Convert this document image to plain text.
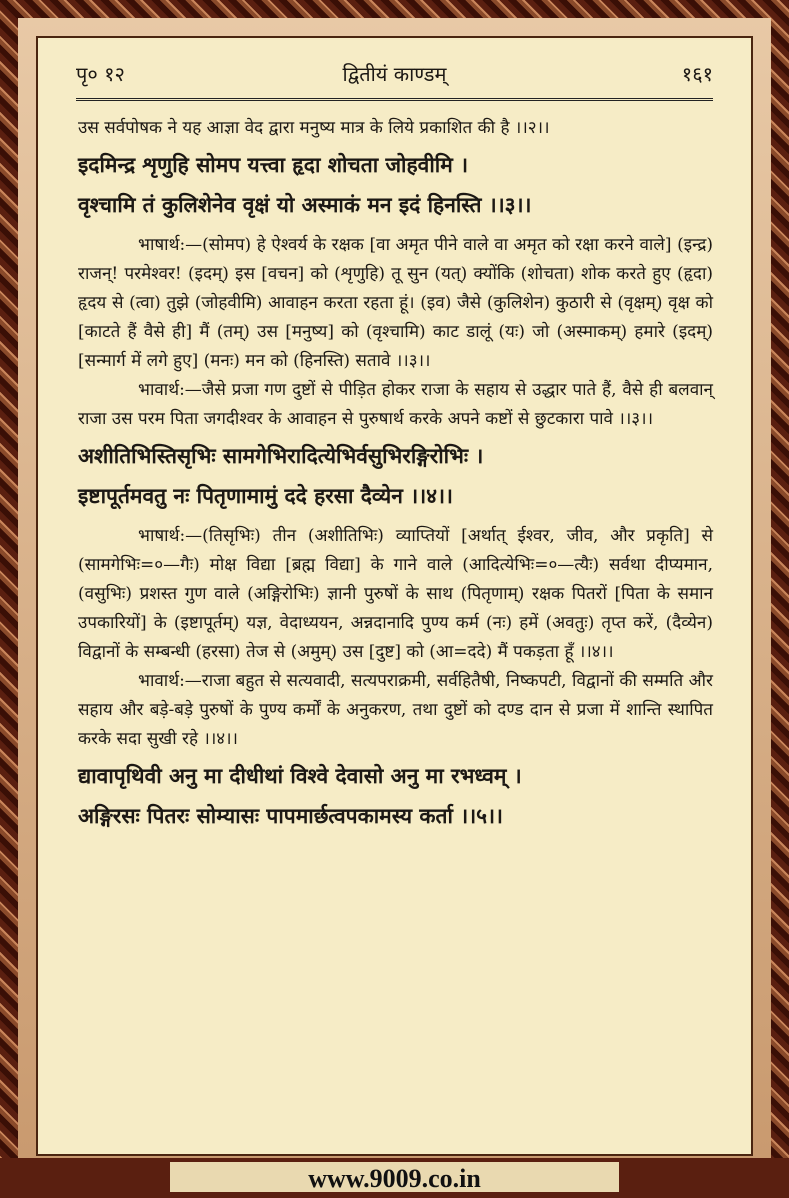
www.9009.co.in
पृ० १२	द्वितीयं काण्डम्	१६१

उस सर्वपोषक ने यह आज्ञा वेद द्वारा मनुष्य मात्र के लिये प्रकाशित की है ।।२।।

इदमिन्द्र शृणुहि सोमप यत्त्वा हृदा शोचता जोहवीमि ।

वृश्चामि तं कुलिशेनेव वृक्षं यो अस्माकं मन इदं हिनस्ति ।।३।।

भाषार्थ:—(सोमप) हे ऐश्वर्य के रक्षक [वा अमृत पीने वाले वा अमृत को रक्षा करने वाले] (इन्द्र) राजन्! परमेश्वर! (इदम्) इस [वचन] को (शृणुहि) तू सुन (यत्) क्योंकि (शोचता) शोक करते हुए (हृदा) हृदय से (त्वा) तुझे (जोहवीमि) आवाहन करता रहता हूं। (इव) जैसे (कुलिशेन) कुठारी से (वृक्षम्) वृक्ष को [काटते हैं वैसे ही] मैं (तम्) उस [मनुष्य] को (वृश्चामि) काट डालूं (यः) जो (अस्माकम्) हमारे (इदम्) [सन्मार्ग में लगे हुए] (मनः) मन को (हिनस्ति) सतावे ।।३।।

भावार्थ:—जैसे प्रजा गण दुष्टों से पीड़ित होकर राजा के सहाय से उद्धार पाते हैं, वैसे ही बलवान् राजा उस परम पिता जगदीश्वर के आवाहन से पुरुषार्थ करके अपने कष्टों से छुटकारा पावे ।।३।।

अशीतिभिस्तिसृभिः सामगेभिरादित्येभिर्वसुभिरङ्गिरोभिः ।

इष्टापूर्तमवतु नः पितृणामामुं ददे हरसा दैव्येन ।।४।।

भाषार्थ:—(तिसृभिः) तीन (अशीतिभिः) व्याप्तियों [अर्थात् ईश्वर, जीव, और प्रकृति] से (सामगेभिः=०—गैः) मोक्ष विद्या [ब्रह्म विद्या] के गाने वाले (आदित्येभिः=०—त्यैः) सर्वथा दीप्यमान, (वसुभिः) प्रशस्त गुण वाले (अङ्गिरोभिः) ज्ञानी पुरुषों के साथ (पितृणाम्) रक्षक पितरों [पिता के समान उपकारियों] के (इष्टापूर्तम्) यज्ञ, वेदाध्ययन, अन्नदानादि पुण्य कर्म (नः) हमें (अवतुः) तृप्त करें, (दैव्येन) विद्वानों के सम्बन्धी (हरसा) तेज से (अमुम्) उस [दुष्ट] को (आ=ददे) मैं पकड़ता हूँ ।।४।।

भावार्थ:—राजा बहुत से सत्यवादी, सत्यपराक्रमी, सर्वहितैषी, निष्कपटी, विद्वानों की सम्मति और सहाय और बड़े-बड़े पुरुषों के पुण्य कर्मों के अनुकरण, तथा दुष्टों को दण्ड दान से प्रजा में शान्ति स्थापित करके सदा सुखी रहे ।।४।।

द्यावापृथिवी अनु मा दीधीथां विश्वे देवासो अनु मा रभध्वम् ।

अङ्गिरसः पितरः सोम्यासः पापमार्छत्वपकामस्य कर्ता ।।५।।
